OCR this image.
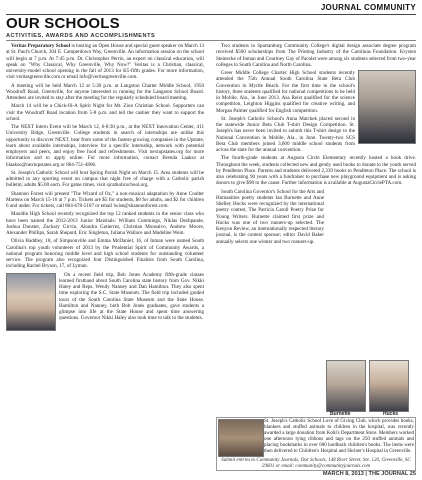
JOURNAL COMMUNITY
OUR SCHOOLS
ACTIVITIES, AWARDS AND ACCOMPLISHMENTS

Veritas Preparatory School is hosting an Open House and special guest speaker on March 13 at St. Paul's Church, 304 E. Camperdown Way, Greenville. An information session on the school will begin at 7 p.m. At 7:45 p.m. Dr. Christopher Perrin, an expert on classical education, will speak on "Why Classical, Why Greenville, Why Now?" Veritas is a Christian, classical, university-model school opening in the fall of 2013 for K5-fifth grades. For more information, visit veritasgreenville.com or email info@veritasgreenville.com.

A meeting will be held March 12 at 5:30 p.m. at Langston Charter Middle School, 1950 Woodruff Road, Greenville, for anyone interested in running for the Langston School Board. Attendees are invited to stay after the meeting for the regularly scheduled board meeting.

March 14 will be a Chick-fil-A Spirit Night for Mt. Zion Christian School. Supporters can visit the Woodruff Road location from 5-8 p.m. and tell the cashier they want to support the school.

The NEXT Intern Event will be March 12, 6-8:30 p.m., at the NEXT Innovation Center, 411 University Ridge, Greenville. College students in search of internships are unlike this opportunity to discover NEXT, hear from some of the fastest-growing companies in the Upstate, learn about available internships, interview for a specific internship, network with potential employers and peers, and enjoy free food and refreshments. Visit nextupstates.org for more information and to apply online. For more information, contact Brenda Laakso at blaakso@nextupstates.org or 864-751-4806.

St. Joseph's Catholic School will host Spring Parish Night on March 15. Area students will be admitted to any sporting event on campus that night free of charge with a Catholic parish bulletin; adults $5.00 each. For game times, visit sjcatholicschool.org.

Shannon Forest will present "The Wizard of Oz," a non-musical adaptation by Anne Coulter Martens on March 15-16 at 7 p.m. Tickets are $5 for students, $8 for adults, and $2 for children 6 and under. For tickets, call 864-678-5107 or email lwise@shannonforest.com.

Mauldin High School recently recognized the top 12 ranked students in the senior class who have been named the 2012-2013 Junior Marshals: William Cummings, Niklas Dezhpande, Joshua Dunster, Zachary Girvin, Alondra Gutierrez, Christian Monsalvo, Andrew Moore, Alexander Phillips, Sarah Shepard, Eric Singleton, Juliana Wallace and Madeline Wein.

Olivia Baddley, 18, of Simpsonville and Emma McDaniel, 16, of Inman were named South Carolina's top youth volunteers of 2013 by the Prudential Spirit of Community Awards, a national program honoring middle level and high school students for outstanding volunteer service. The program also recognized four Distinguished Finalists from South Carolina, including Rachel Bryson, 17, of Lyman.

On a recent field trip, Bob Jones Academy fifth-grade classes learned firsthand about South Carolina state history from Gov. Nikki Haley and Reps. Wendy Nanney and Dan Hamilton. They also spent time exploring the S.C. State Museum. The field trip included guided tours of the South Carolina State Museum and the State House. Hamilton and Nanney, both Bob Jones graduates, gave students a glimpse into life at the State House and spent time answering questions. Governor Nikki Haley also took time to talk to the students.

Two students in Spartanburg Community College's digital design associate degree program received $500 scholarships from The Printing Industry of the Carolinas Foundation. Krysten Steinecke of Inman and Courtney Gay of Pacolet were among six students selected from two-year colleges in South Carolina and North Carolina.

Greer Middle College Charter High School students recently attended the 75th Annual South Carolina State Beta Club Convention in Myrtle Beach. For the first time in the school's history, three students qualified for national competitions to be held in Mobile, Ala., in June 2013. Asa Reist qualified for the science competition, Leighton Higgins qualified for creative writing, and Morgan Palmer qualified for English competition.

St. Joseph's Catholic School's Anna Matchek placed second in the statewide Junior Beta Club T-shirt Design Competition. St. Joseph's has never been invited to submit this T-shirt design to the National Convention in Mobile, Ala., in June. Twenty-two SCS Beta Club members joined 3,600 middle school students from across the state for the annual convention.

The fourth-grade students at Augusta Circle Elementary recently hosted a book drive. Throughout the week, students collected new and gently used books to donate to the youth served by Pendleton Place. Parents and students delivered 2,339 books to Pendleton Place. The school is also celebrating 90 years with a fundraiser to purchase new playground equipment and is asking donors to give $90 to the cause. Further information is available at AugustaCirclePTA.com.

South Carolina Governor's School for the Arts and Humanities poetry students Ian Burnette and Anne Shelley Hucks were recognized by the international poetry contest, The Patricia Caroll Poetry Prize for Young Writers. Burnette claimed first prize and Hucks was one of two runners-up selected. The Kenyon Review, an internationally respected literary journal, is the contest sponsor; editor David Baker annually selects one winner and two runners-up.

Burnette	Hucks
St. Joseph's Catholic School Love of Giving Club, which provides books, blankets and stuffed animals to children in the hospital, was recently awarded a large donation from Kohl's Department Store. Members worked one afternoon tying ribbons and tags on the 250 stuffed animals and placing bookmarks in over 600 hardback children's books. The items were then delivered to Children's Hospital and Shriner's Hospital in Greenville.
Submit entries to Community Journals, Our Schools, 148 River Street, Ste. 120, Greenville, SC 29601 or email: community@communityjournals.com
MARCH 8, 2013 | THE JOURNAL 25
